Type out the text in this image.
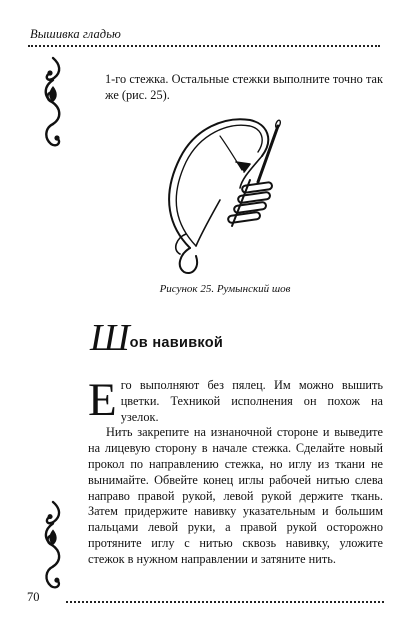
Вышивка гладью
1-го стежка. Остальные стежки выполните точно так же (рис. 25).
Рисунок 25. Румынский шов
Шов навивкой
Его выполняют без пялец. Им можно вышить цветки. Техникой исполнения он похож на узелок.
Нить закрепите на изнаночной стороне и выведите на лицевую сторону в начале стежка. Сделайте новый прокол по направлению стежка, но иглу из ткани не вынимайте. Обвейте конец иглы рабочей нитью слева направо правой рукой, левой рукой держите ткань. Затем придержите навивку указательным и большим пальцами левой руки, а правой рукой осторожно протяните иглу с нитью сквозь навивку, уложите стежок в нужном направлении и затяните нить.
70
